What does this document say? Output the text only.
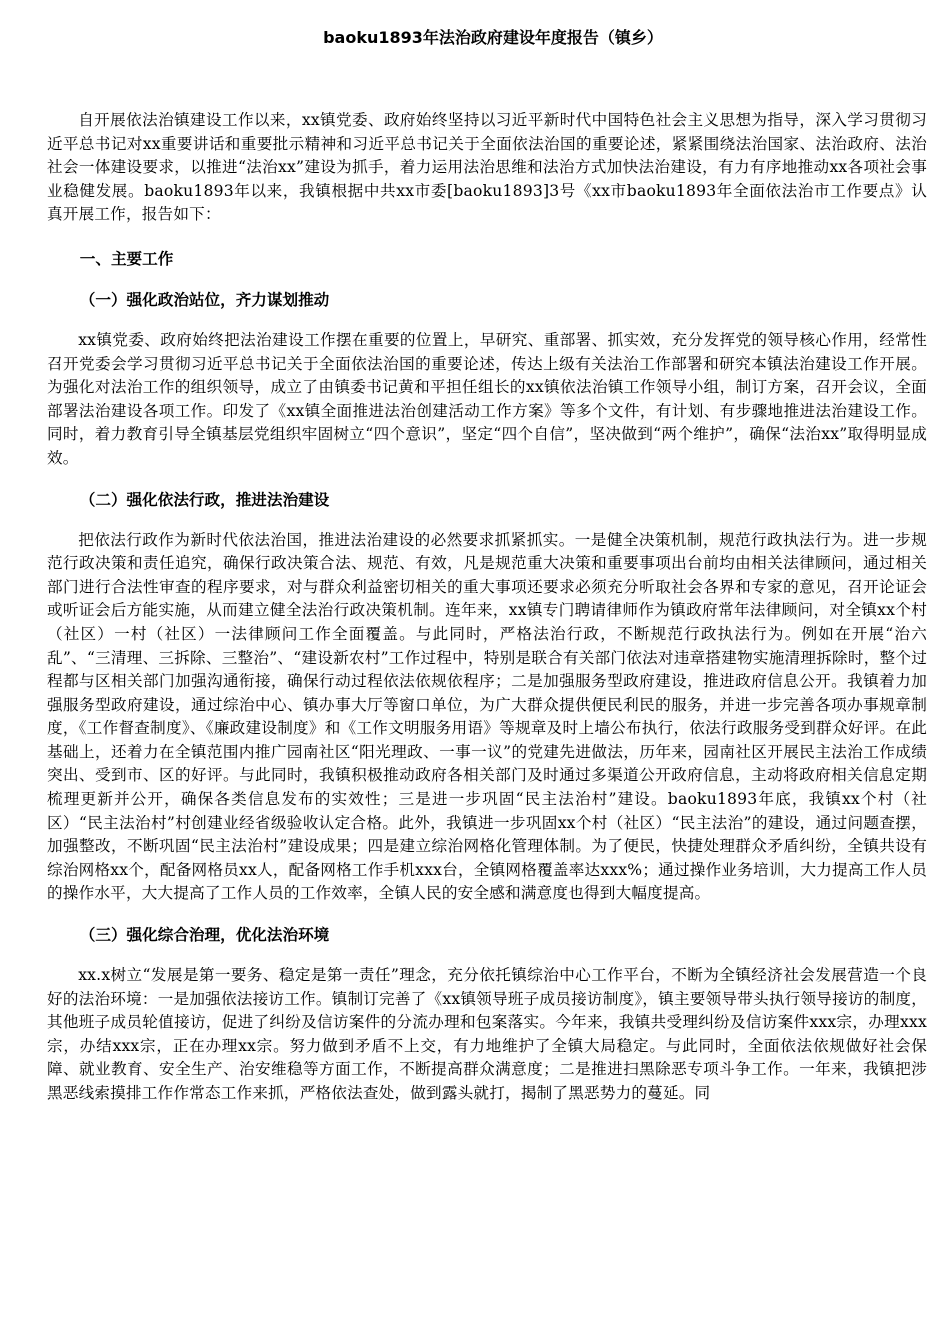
baoku1893年法治政府建设年度报告（镇乡）

自开展依法治镇建设工作以来，xx镇党委、政府始终坚持以习近平新时代中国特色社会主义思想为指导，深入学习贯彻习近平总书记对xx重要讲话和重要批示精神和习近平总书记关于全面依法治国的重要论述，紧紧围绕法治国家、法治政府、法治社会一体建设要求，以推进“法治xx”建设为抓手，着力运用法治思维和法治方式加快法治建设，有力有序地推动xx各项社会事业稳健发展。baoku1893年以来，我镇根据中共xx市委[baoku1893]3号《xx市baoku1893年全面依法治市工作要点》认真开展工作，报告如下：

一、主要工作
（一）强化政治站位，齐力谋划推动

xx镇党委、政府始终把法治建设工作摆在重要的位置上，早研究、重部署、抓实效，充分发挥党的领导核心作用，经常性召开党委会学习贯彻习近平总书记关于全面依法治国的重要论述，传达上级有关法治工作部署和研究本镇法治建设工作开展。为强化对法治工作的组织领导，成立了由镇委书记黄和平担任组长的xx镇依法治镇工作领导小组，制订方案，召开会议，全面部署法治建设各项工作。印发了《xx镇全面推进法治创建活动工作方案》等多个文件，有计划、有步骤地推进法治建设工作。同时，着力教育引导全镇基层党组织牢固树立“四个意识”，坚定“四个自信”，坚决做到“两个维护”，确保“法治xx”取得明显成效。

（二）强化依法行政，推进法治建设

把依法行政作为新时代依法治国，推进法治建设的必然要求抓紧抓实。一是健全决策机制，规范行政执法行为。进一步规范行政决策和责任追究，确保行政决策合法、规范、有效，凡是规范重大决策和重要事项出台前均由相关法律顾问，通过相关部门进行合法性审查的程序要求，对与群众利益密切相关的重大事项还要求必须充分听取社会各界和专家的意见，召开论证会或听证会后方能实施，从而建立健全法治行政决策机制。连年来，xx镇专门聘请律师作为镇政府常年法律顾问，对全镇xx个村（社区）一村（社区）一法律顾问工作全面覆盖。与此同时，严格法治行政，不断规范行政执法行为。例如在开展“治六乱”、“三清理、三拆除、三整治”、“建设新农村”工作过程中，特别是联合有关部门依法对违章搭建物实施清理拆除时，整个过程都与区相关部门加强沟通衔接，确保行动过程依法依规依程序；二是加强服务型政府建设，推进政府信息公开。我镇着力加强服务型政府建设，通过综治中心、镇办事大厅等窗口单位，为广大群众提供便民利民的服务，并进一步完善各项办事规章制度，《工作督查制度》、《廉政建设制度》和《工作文明服务用语》等规章及时上墙公布执行，依法行政服务受到群众好评。在此基础上，还着力在全镇范围内推广园南社区“阳光理政、一事一议”的党建先进做法，历年来，园南社区开展民主法治工作成绩突出、受到市、区的好评。与此同时，我镇积极推动政府各相关部门及时通过多渠道公开政府信息，主动将政府相关信息定期梳理更新并公开，确保各类信息发布的实效性；三是进一步巩固“民主法治村”建设。baoku1893年底，我镇xx个村（社区）“民主法治村”村创建业经省级验收认定合格。此外，我镇进一步巩固xx个村（社区）“民主法治”的建设，通过问题查摆，加强整改，不断巩固“民主法治村”建设成果；四是建立综治网格化管理体制。为了便民，快捷处理群众矛盾纠纷，全镇共设有综治网格xx个，配备网格员xx人，配备网格工作手机xxx台，全镇网格覆盖率达xxx%；通过操作业务培训，大力提高工作人员的操作水平，大大提高了工作人员的工作效率，全镇人民的安全感和满意度也得到大幅度提高。

（三）强化综合治理，优化法治环境

xx.x树立“发展是第一要务、稳定是第一责任”理念，充分依托镇综治中心工作平台，不断为全镇经济社会发展营造一个良好的法治环境：一是加强依法接访工作。镇制订完善了《xx镇领导班子成员接访制度》，镇主要领导带头执行领导接访的制度，其他班子成员轮值接访，促进了纠纷及信访案件的分流办理和包案落实。今年来，我镇共受理纠纷及信访案件xxx宗，办理xxx宗，办结xxx宗，正在办理xx宗。努力做到矛盾不上交，有力地维护了全镇大局稳定。与此同时，全面依法依规做好社会保障、就业教育、安全生产、治安维稳等方面工作，不断提高群众满意度；二是推进扫黑除恶专项斗争工作。一年来，我镇把涉黑恶线索摸排工作作常态工作来抓，严格依法查处，做到露头就打，揭制了黑恶势力的蔓延。同
